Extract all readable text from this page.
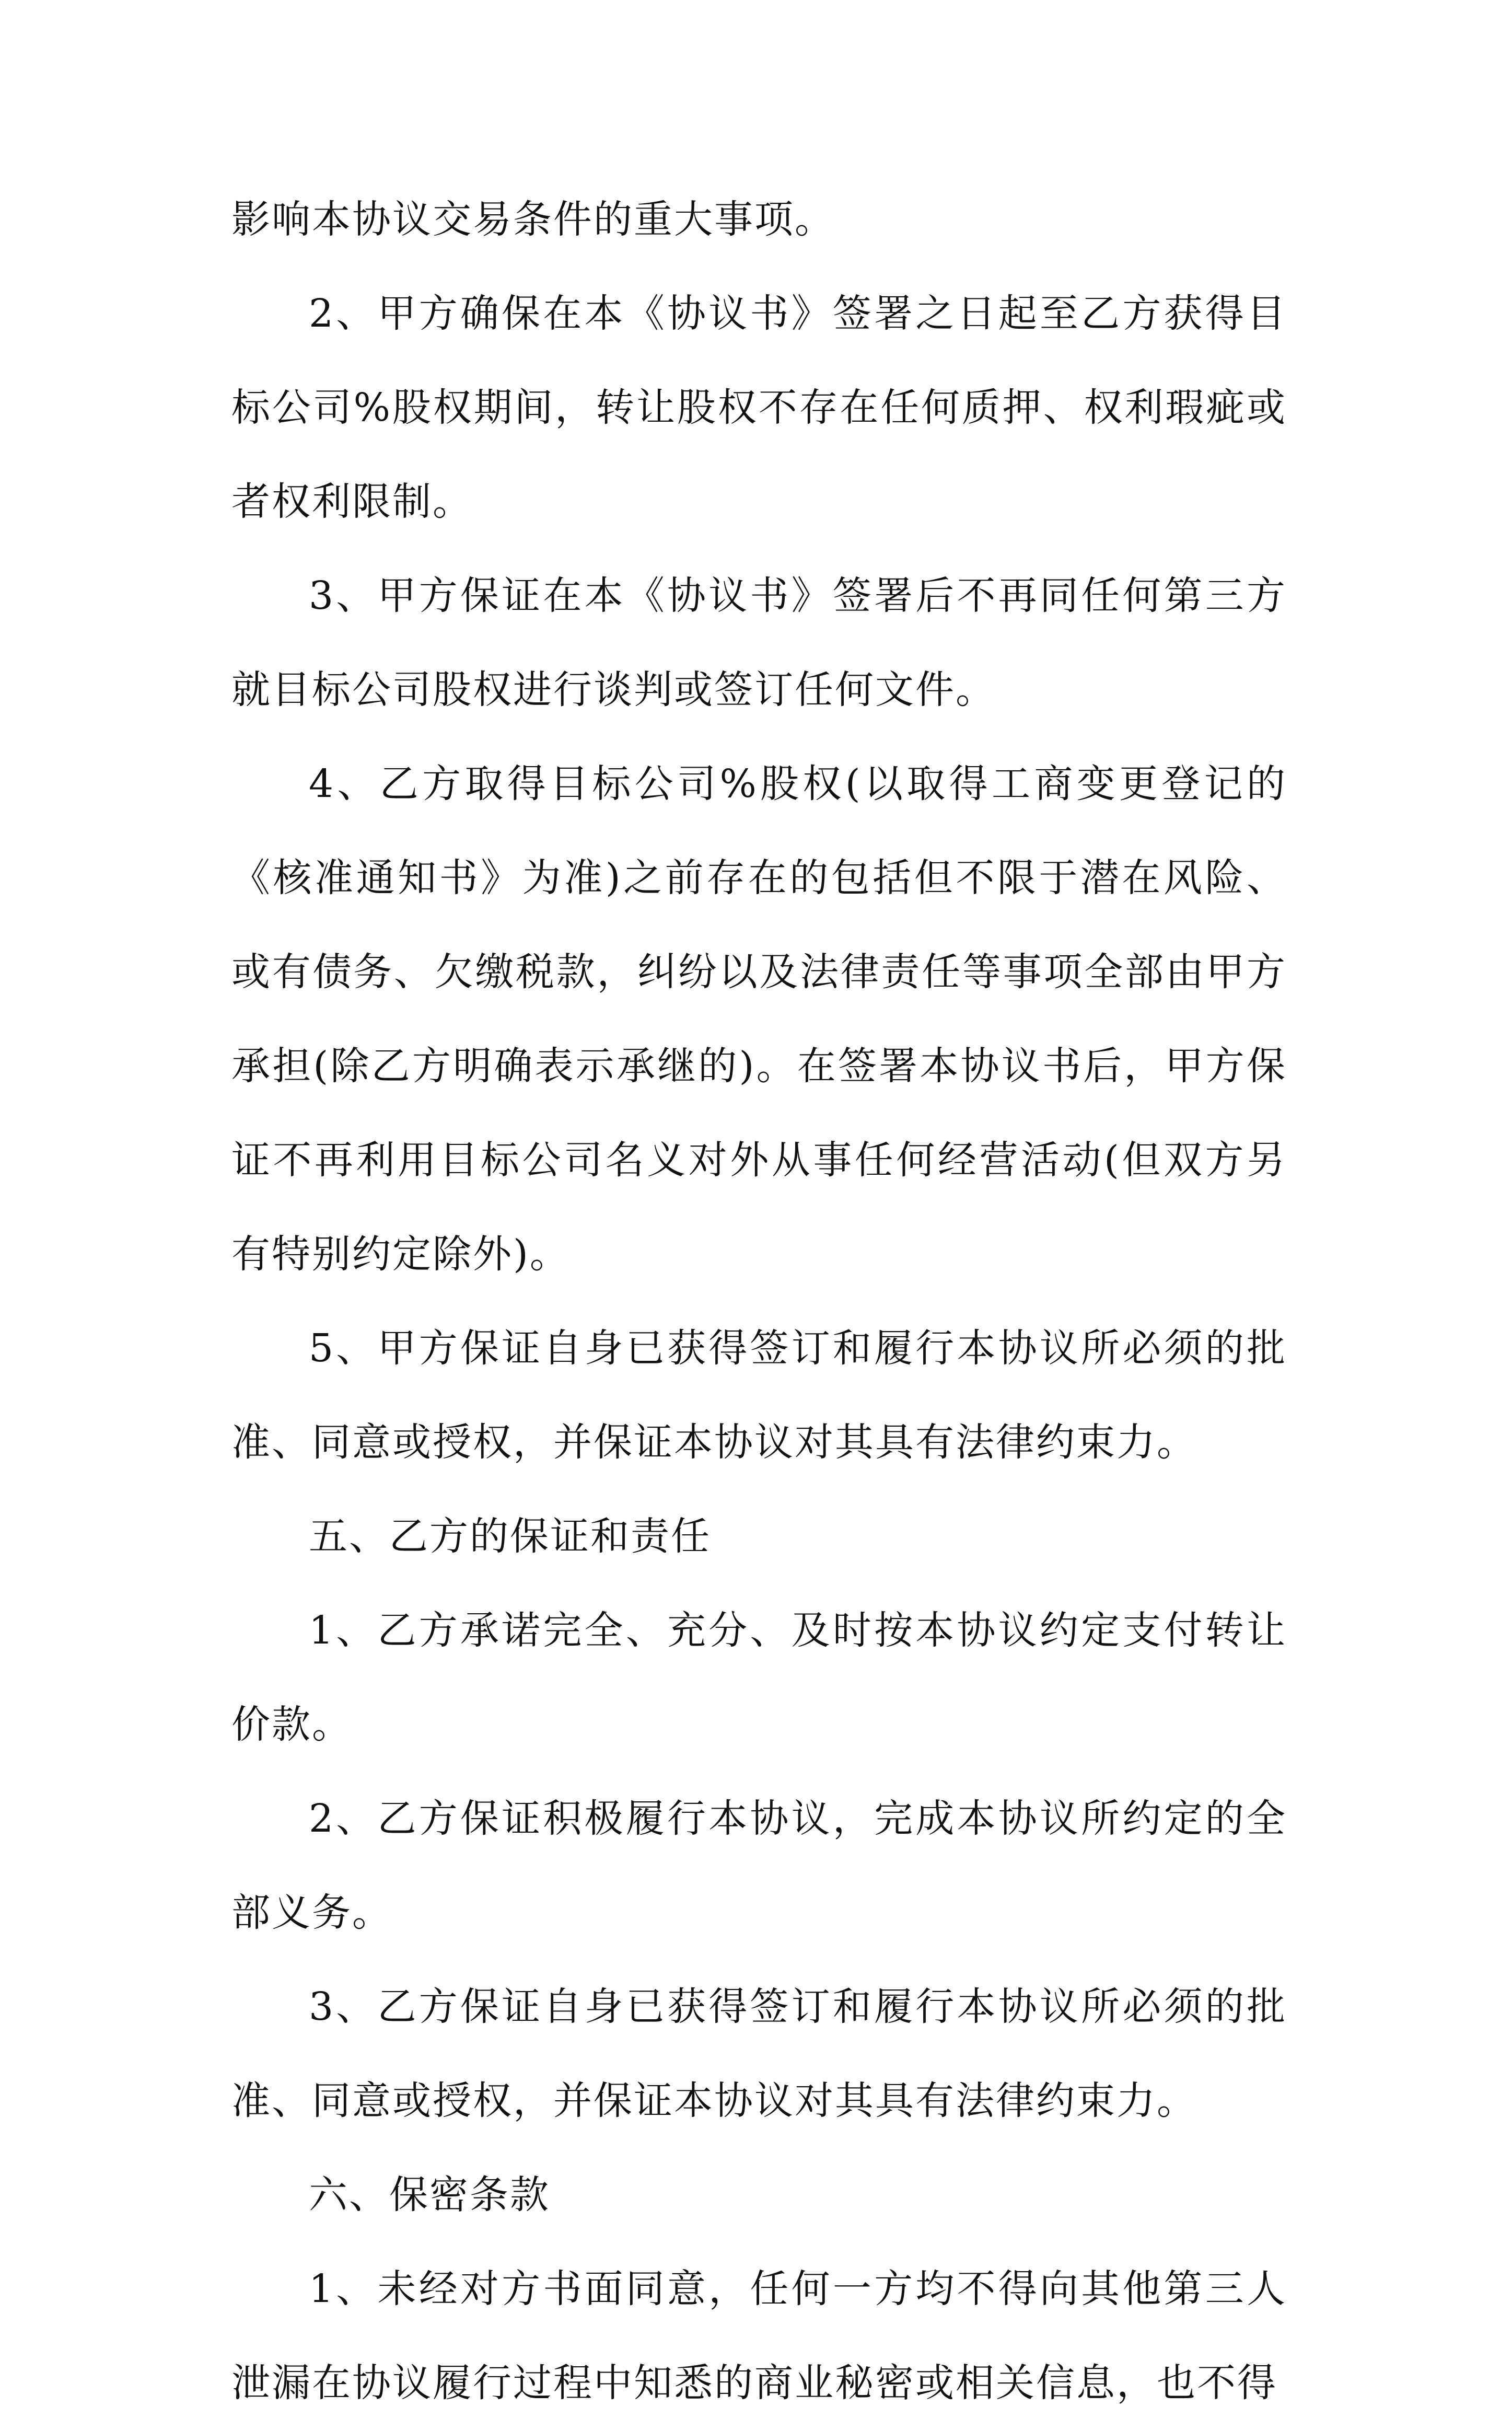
影响本协议交易条件的重大事项。

2、甲方确保在本《协议书》签署之日起至乙方获得目标公司%股权期间，转让股权不存在任何质押、权利瑕疵或者权利限制。

3、甲方保证在本《协议书》签署后不再同任何第三方就目标公司股权进行谈判或签订任何文件。

4、乙方取得目标公司%股权(以取得工商变更登记的《核准通知书》为准)之前存在的包括但不限于潜在风险、或有债务、欠缴税款，纠纷以及法律责任等事项全部由甲方承担(除乙方明确表示承继的)。在签署本协议书后，甲方保证不再利用目标公司名义对外从事任何经营活动(但双方另有特别约定除外)。

5、甲方保证自身已获得签订和履行本协议所必须的批准、同意或授权，并保证本协议对其具有法律约束力。

五、乙方的保证和责任

1、乙方承诺完全、充分、及时按本协议约定支付转让价款。

2、乙方保证积极履行本协议，完成本协议所约定的全部义务。

3、乙方保证自身已获得签订和履行本协议所必须的批准、同意或授权，并保证本协议对其具有法律约束力。

六、保密条款

1、未经对方书面同意，任何一方均不得向其他第三人泄漏在协议履行过程中知悉的商业秘密或相关信息，也不得
